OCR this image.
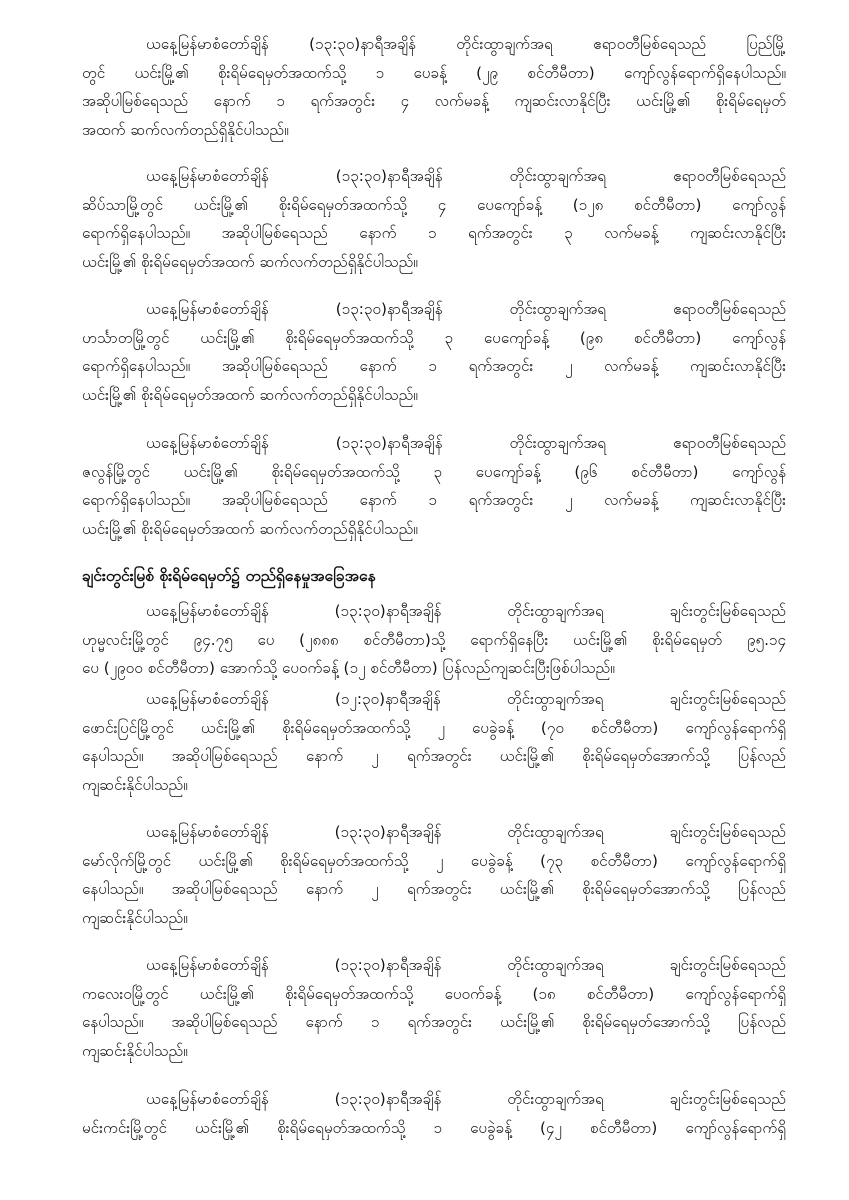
ယနေ့မြန်မာစံတော်ချိန် (၁၃:၃၀)နာရီအချိန် တိုင်းထွာချက်အရ ဧရာဝတီမြစ်ရေသည် ပြည်မြို့

တွင် ယင်းမြို့၏ စိုးရိမ်ရေမှတ်အထက်သို့ ၁ ပေခန့် (၂၉ စင်တီမီတာ) ကျော်လွန်ရောက်ရှိနေပါသည်။

အဆိုပါမြစ်ရေသည် နောက် ၁ ရက်အတွင်း ၄ လက်မခန့် ကျဆင်းလာနိုင်ပြီး ယင်းမြို့၏ စိုးရိမ်ရေမှတ်

အထက် ဆက်လက်တည်ရှိနိုင်ပါသည်။

ယနေ့မြန်မာစံတော်ချိန် (၁၃:၃၀)နာရီအချိန် တိုင်းထွာချက်အရ ဧရာဝတီမြစ်ရေသည်

ဆိပ်သာမြို့တွင် ယင်းမြို့၏ စိုးရိမ်ရေမှတ်အထက်သို့ ၄ ပေကျော်ခန့် (၁၂၈ စင်တီမီတာ) ကျော်လွန်

ရောက်ရှိနေပါသည်။ အဆိုပါမြစ်ရေသည် နောက် ၁ ရက်အတွင်း ၃ လက်မခန့် ကျဆင်းလာနိုင်ပြီး

ယင်းမြို့၏ စိုးရိမ်ရေမှတ်အထက် ဆက်လက်တည်ရှိနိုင်ပါသည်။

ယနေ့မြန်မာစံတော်ချိန် (၁၃:၃၀)နာရီအချိန် တိုင်းထွာချက်အရ ဧရာဝတီမြစ်ရေသည်

ဟင်္သာတမြို့တွင် ယင်းမြို့၏ စိုးရိမ်ရေမှတ်အထက်သို့ ၃ ပေကျော်ခန့် (၉၈ စင်တီမီတာ) ကျော်လွန်

ရောက်ရှိနေပါသည်။ အဆိုပါမြစ်ရေသည် နောက် ၁ ရက်အတွင်း ၂ လက်မခန့် ကျဆင်းလာနိုင်ပြီး

ယင်းမြို့၏ စိုးရိမ်ရေမှတ်အထက် ဆက်လက်တည်ရှိနိုင်ပါသည်။

ယနေ့မြန်မာစံတော်ချိန် (၁၃:၃၀)နာရီအချိန် တိုင်းထွာချက်အရ ဧရာဝတီမြစ်ရေသည်

ဇလွန်မြို့တွင် ယင်းမြို့၏ စိုးရိမ်ရေမှတ်အထက်သို့ ၃ ပေကျော်ခန့် (၉၆ စင်တီမီတာ) ကျော်လွန်

ရောက်ရှိနေပါသည်။ အဆိုပါမြစ်ရေသည် နောက် ၁ ရက်အတွင်း ၂ လက်မခန့် ကျဆင်းလာနိုင်ပြီး

ယင်းမြို့၏ စိုးရိမ်ရေမှတ်အထက် ဆက်လက်တည်ရှိနိုင်ပါသည်။

ချင်းတွင်းမြစ် စိုးရိမ်ရေမှတ်၌ တည်ရှိနေမှုအခြေအနေ

ယနေ့မြန်မာစံတော်ချိန် (၁၃:၃၀)နာရီအချိန် တိုင်းထွာချက်အရ ချင်းတွင်းမြစ်ရေသည်

ဟုမ္မလင်းမြို့တွင် ၉၄.၇၅ ပေ (၂၈၈၈ စင်တီမီတာ)သို့ ရောက်ရှိနေပြီး ယင်းမြို့၏ စိုးရိမ်ရေမှတ် ၉၅.၁၄

ပေ (၂၉၀၀ စင်တီမီတာ) အောက်သို့ ပေဝက်ခန့် (၁၂ စင်တီမီတာ) ပြန်လည်ကျဆင်းပြီးဖြစ်ပါသည်။

ယနေ့မြန်မာစံတော်ချိန် (၁၂:၃၀)နာရီအချိန် တိုင်းထွာချက်အရ ချင်းတွင်းမြစ်ရေသည်

ဖောင်းပြင်မြို့တွင် ယင်းမြို့၏ စိုးရိမ်ရေမှတ်အထက်သို့ ၂ ပေခွဲခန့် (၇၀ စင်တီမီတာ) ကျော်လွန်ရောက်ရှိ

နေပါသည်။ အဆိုပါမြစ်ရေသည် နောက် ၂ ရက်အတွင်း ယင်းမြို့၏ စိုးရိမ်ရေမှတ်အောက်သို့ ပြန်လည်

ကျဆင်းနိုင်ပါသည်။

ယနေ့မြန်မာစံတော်ချိန် (၁၃:၃၀)နာရီအချိန် တိုင်းထွာချက်အရ ချင်းတွင်းမြစ်ရေသည်

မော်လိုက်မြို့တွင် ယင်းမြို့၏ စိုးရိမ်ရေမှတ်အထက်သို့ ၂ ပေခွဲခန့် (၇၃ စင်တီမီတာ) ကျော်လွန်ရောက်ရှိ

နေပါသည်။ အဆိုပါမြစ်ရေသည် နောက် ၂ ရက်အတွင်း ယင်းမြို့၏ စိုးရိမ်ရေမှတ်အောက်သို့ ပြန်လည်

ကျဆင်းနိုင်ပါသည်။

ယနေ့မြန်မာစံတော်ချိန် (၁၃:၃၀)နာရီအချိန် တိုင်းထွာချက်အရ ချင်းတွင်းမြစ်ရေသည်

ကလေးဝမြို့တွင် ယင်းမြို့၏ စိုးရိမ်ရေမှတ်အထက်သို့ ပေဝက်ခန့် (၁၈ စင်တီမီတာ) ကျော်လွန်ရောက်ရှိ

နေပါသည်။ အဆိုပါမြစ်ရေသည် နောက် ၁ ရက်အတွင်း ယင်းမြို့၏ စိုးရိမ်ရေမှတ်အောက်သို့ ပြန်လည်

ကျဆင်းနိုင်ပါသည်။

ယနေ့မြန်မာစံတော်ချိန် (၁၃:၃၀)နာရီအချိန် တိုင်းထွာချက်အရ ချင်းတွင်းမြစ်ရေသည်

မင်းကင်းမြို့တွင် ယင်းမြို့၏ စိုးရိမ်ရေမှတ်အထက်သို့ ၁ ပေခွဲခန့် (၄၂ စင်တီမီတာ) ကျော်လွန်ရောက်ရှိ
